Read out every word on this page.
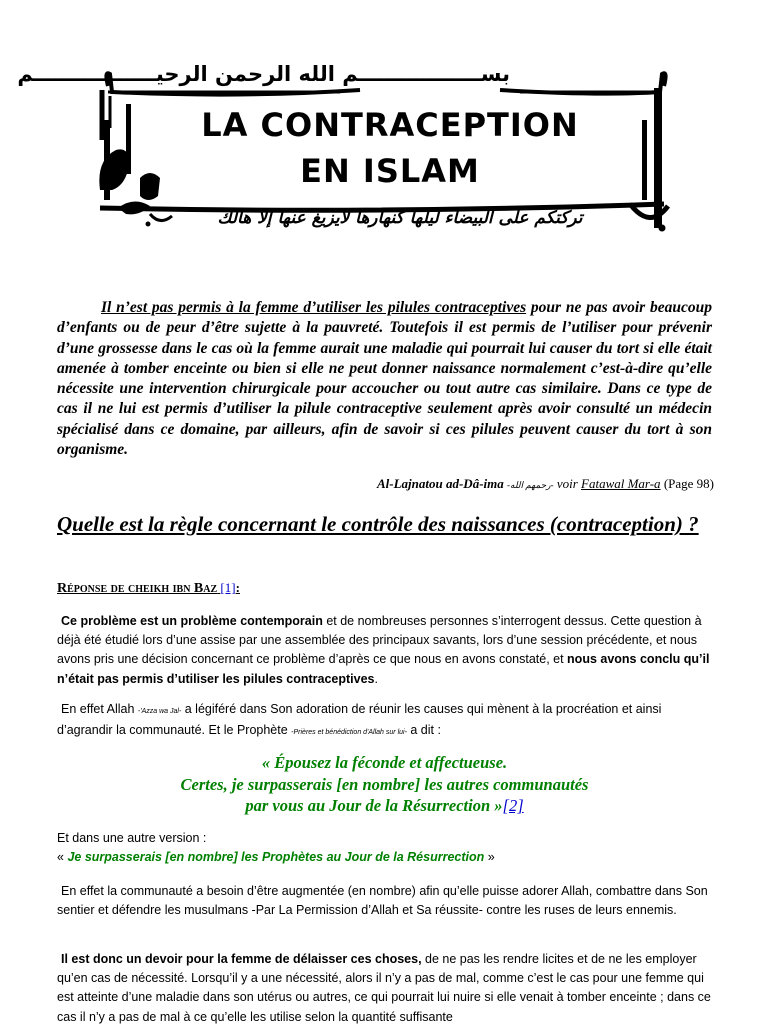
بســـــــــــــــــم الله الرحمن الرحيـــــــــــــــــم
LA CONTRACEPTION
EN ISLAM
تركتكم على البيضاء ليلها كنهارها لايزيغ عنها إلا هالك

Il n’est pas permis à la femme d’utiliser les pilules contraceptives pour ne pas avoir beaucoup d’enfants ou de peur d’être sujette à la pauvreté. Toutefois il est permis de l’utiliser pour prévenir d’une grossesse dans le cas où la femme aurait une maladie qui pourrait lui causer du tort si elle était amenée à tomber enceinte ou bien si elle ne peut donner naissance normalement c’est-à-dire qu’elle nécessite une intervention chirurgicale pour accoucher ou tout autre cas similaire. Dans ce type de cas il ne lui est permis d’utiliser la pilule contraceptive seulement après avoir consulté un médecin spécialisé dans ce domaine, par ailleurs, afin de savoir si ces pilules peuvent causer du tort à son organisme.

Al-Lajnatou ad-Dâ-ima -رحمهم الله- voir Fatawal Mar-a (Page 98)

Quelle est la règle concernant le contrôle des naissances (contraception) ?

Réponse de cheikh ibn Baz [1]:

Ce problème est un problème contemporain et de nombreuses personnes s’interrogent dessus. Cette question à déjà été étudié lors d’une assise par une assemblée des principaux savants, lors d’une session précédente, et nous avons pris une décision concernant ce problème d’après ce que nous en avons constaté, et nous avons conclu qu’il n’était pas permis d’utiliser les pilules contraceptives.

En effet Allah -'Azza wa Jal- a légiféré dans Son adoration de réunir les causes qui mènent à la procréation et ainsi d’agrandir la communauté. Et le Prophète -Prières et bénédiction d'Allah sur lui- a dit :

« Épousez la féconde et affectueuse.
Certes, je surpasserais [en nombre] les autres communautés
par vous au Jour de la Résurrection »[2]

Et dans une autre version :
« Je surpasserais [en nombre] les Prophètes au Jour de la Résurrection »

En effet la communauté a besoin d’être augmentée (en nombre) afin qu’elle puisse adorer Allah, combattre dans Son sentier et défendre les musulmans -Par La Permission d’Allah et Sa réussite- contre les ruses de leurs ennemis.

Il est donc un devoir pour la femme de délaisser ces choses, de ne pas les rendre licites et de ne les employer qu’en cas de nécessité. Lorsqu’il y a une nécessité, alors il n’y a pas de mal, comme c’est le cas pour une femme qui est atteinte d’une maladie dans son utérus ou autres, ce qui pourrait lui nuire si elle venait à tomber enceinte ; dans ce cas il n’y a pas de mal à ce qu’elle les utilise selon la quantité suffisante
